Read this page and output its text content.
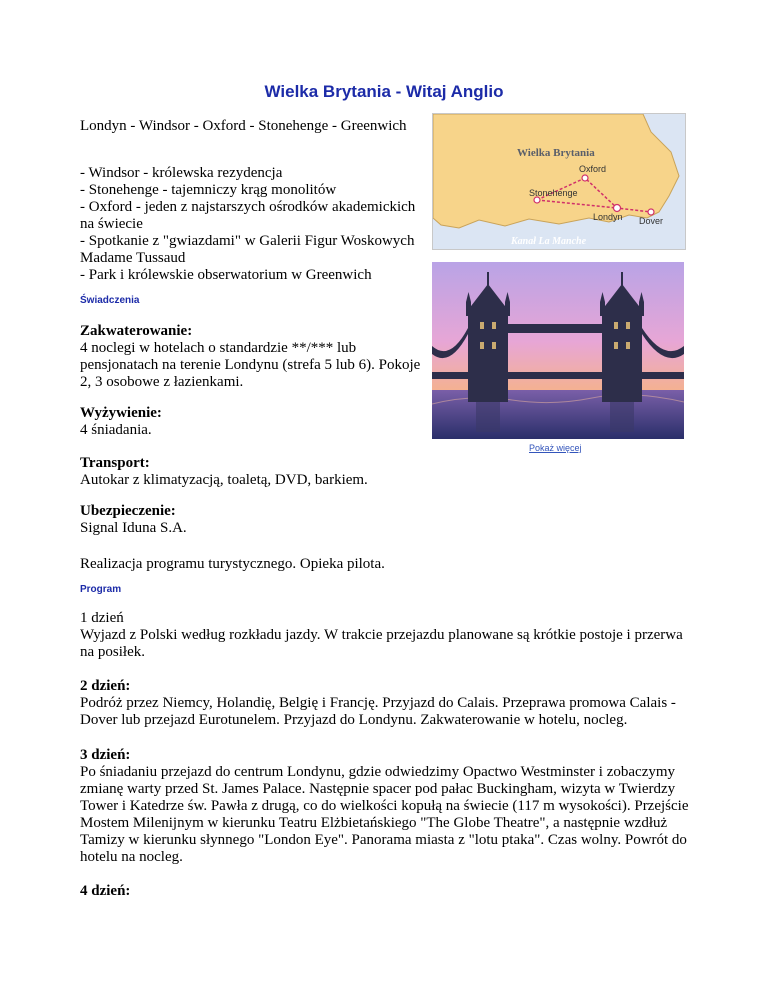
Wielka Brytania - Witaj Anglio
Londyn - Windsor - Oxford - Stonehenge - Greenwich
- Windsor - królewska rezydencja
- Stonehenge - tajemniczy krąg monolitów
- Oxford - jeden z najstarszych ośrodków akademickich na świecie
- Spotkanie z "gwiazdami" w Galerii Figur Woskowych Madame Tussaud
- Park i królewskie obserwatorium w Greenwich
Wielka Brytania
Oxford
Stonehenge
Londyn Dover
Kanał La Manche
Pokaż więcej
Świadczenia
Zakwaterowanie:
4 noclegi w hotelach o standardzie **/*** lub pensjonatach na terenie Londynu (strefa 5 lub 6). Pokoje 2, 3 osobowe z łazienkami.
Wyżywienie:
4 śniadania.
Transport:
Autokar z klimatyzacją, toaletą, DVD, barkiem.
Ubezpieczenie:
Signal Iduna S.A.
Realizacja programu turystycznego. Opieka pilota.
Program
1 dzień
Wyjazd z Polski według rozkładu jazdy. W trakcie przejazdu planowane są krótkie postoje i przerwa na posiłek.
2 dzień:
Podróż przez Niemcy, Holandię, Belgię i Francję. Przyjazd do Calais. Przeprawa promowa Calais - Dover lub przejazd Eurotunelem. Przyjazd do Londynu. Zakwaterowanie w hotelu, nocleg.
3 dzień:
Po śniadaniu przejazd do centrum Londynu, gdzie odwiedzimy Opactwo Westminster i zobaczymy zmianę warty przed St. James Palace. Następnie spacer pod pałac Buckingham, wizyta w Twierdzy Tower i Katedrze św. Pawła z drugą, co do wielkości kopułą na świecie (117 m wysokości). Przejście Mostem Milenijnym w kierunku Teatru Elżbietańskiego "The Globe Theatre", a następnie wzdłuż Tamizy w kierunku słynnego "London Eye". Panorama miasta z "lotu ptaka". Czas wolny. Powrót do hotelu na nocleg.
4 dzień:
